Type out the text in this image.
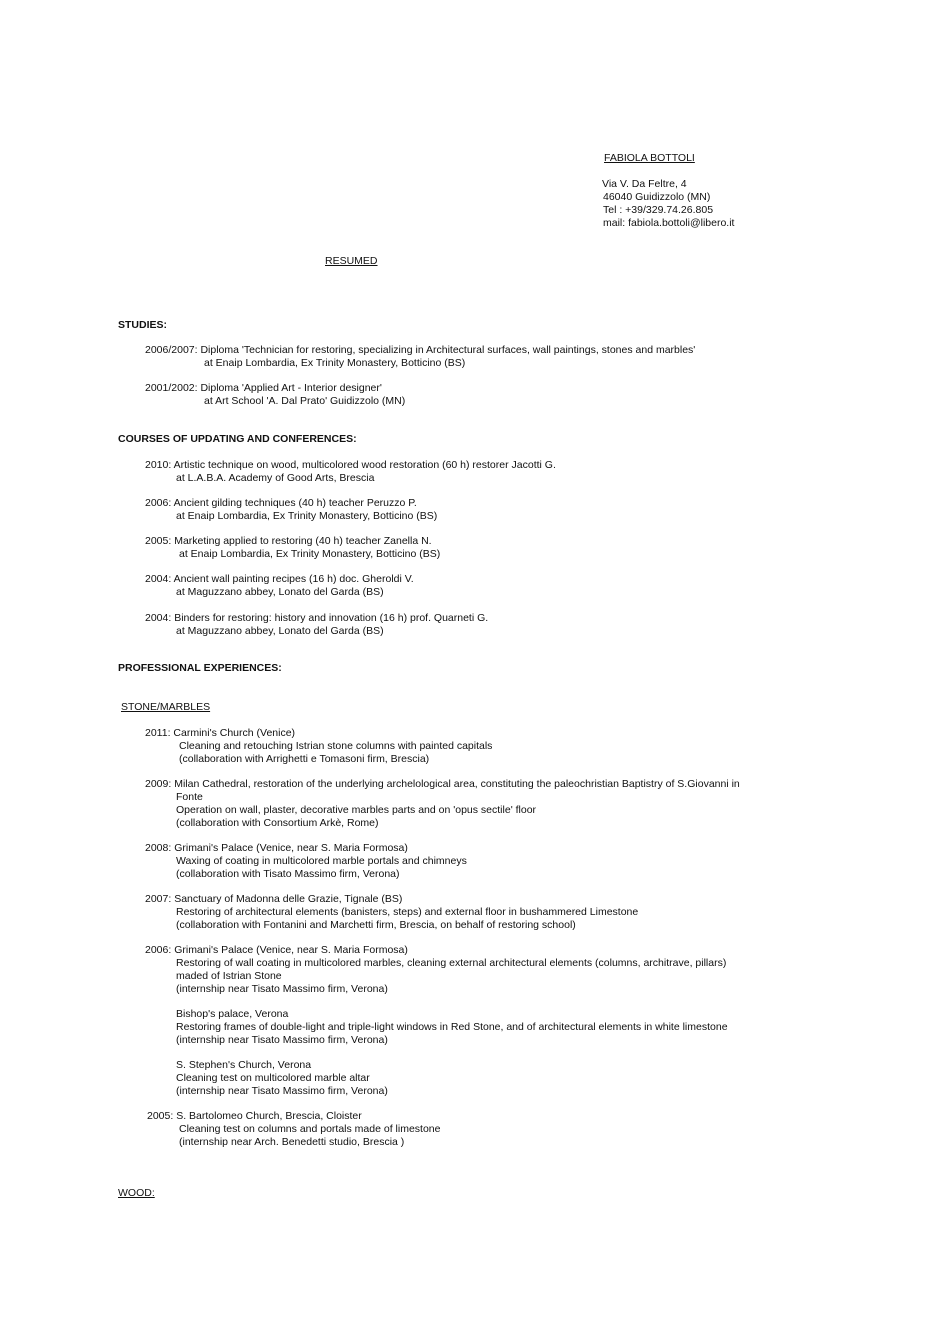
FABIOLA BOTTOLI
Via V. Da Feltre, 4
46040 Guidizzolo (MN)
Tel : +39/329.74.26.805
mail: fabiola.bottoli@libero.it
RESUMED
STUDIES:
2006/2007: Diploma 'Technician for restoring, specializing in Architectural surfaces, wall paintings, stones and marbles'
at Enaip Lombardia, Ex Trinity Monastery, Botticino (BS)
2001/2002: Diploma 'Applied Art - Interior designer'
at Art School 'A. Dal Prato' Guidizzolo (MN)
COURSES OF UPDATING AND CONFERENCES:
2010: Artistic technique on wood, multicolored wood restoration (60 h) restorer Jacotti G.
at L.A.B.A. Academy of Good Arts, Brescia
2006: Ancient gilding techniques (40 h) teacher Peruzzo P.
at Enaip Lombardia, Ex Trinity Monastery, Botticino (BS)
2005: Marketing applied to restoring (40 h) teacher Zanella N.
at Enaip Lombardia, Ex Trinity Monastery, Botticino (BS)
2004: Ancient wall painting recipes (16 h) doc. Gheroldi V.
at Maguzzano abbey, Lonato del Garda (BS)
2004: Binders for restoring: history and innovation (16 h) prof. Quarneti G.
at Maguzzano abbey, Lonato del Garda (BS)
PROFESSIONAL EXPERIENCES:
STONE/MARBLES
2011: Carmini's Church (Venice)
Cleaning and retouching Istrian stone columns with painted capitals
(collaboration with Arrighetti e Tomasoni firm, Brescia)
2009: Milan Cathedral, restoration of the underlying archelological area, constituting the paleochristian Baptistry of S.Giovanni in
Fonte
Operation on wall, plaster, decorative marbles parts and on 'opus sectile' floor
(collaboration with Consortium Arkè, Rome)
2008: Grimani's Palace (Venice, near S. Maria Formosa)
Waxing of coating in multicolored marble portals and chimneys
(collaboration with Tisato Massimo firm, Verona)
2007: Sanctuary of Madonna delle Grazie, Tignale (BS)
Restoring of architectural elements (banisters, steps) and external floor in bushammered Limestone
(collaboration with Fontanini and Marchetti firm, Brescia, on behalf of restoring school)
2006: Grimani's Palace (Venice, near S. Maria Formosa)
Restoring of wall coating in multicolored marbles, cleaning external architectural elements (columns, architrave, pillars)
maded of Istrian Stone
(internship near Tisato Massimo firm, Verona)
Bishop's palace, Verona
Restoring frames of double-light and triple-light windows in Red Stone, and of architectural elements in white limestone
(internship near Tisato Massimo firm, Verona)
S. Stephen's Church, Verona
Cleaning test on multicolored marble altar
(internship near Tisato Massimo firm, Verona)
2005: S. Bartolomeo Church, Brescia, Cloister
Cleaning test on columns and portals made of limestone
(internship near Arch. Benedetti studio, Brescia )
WOOD:
